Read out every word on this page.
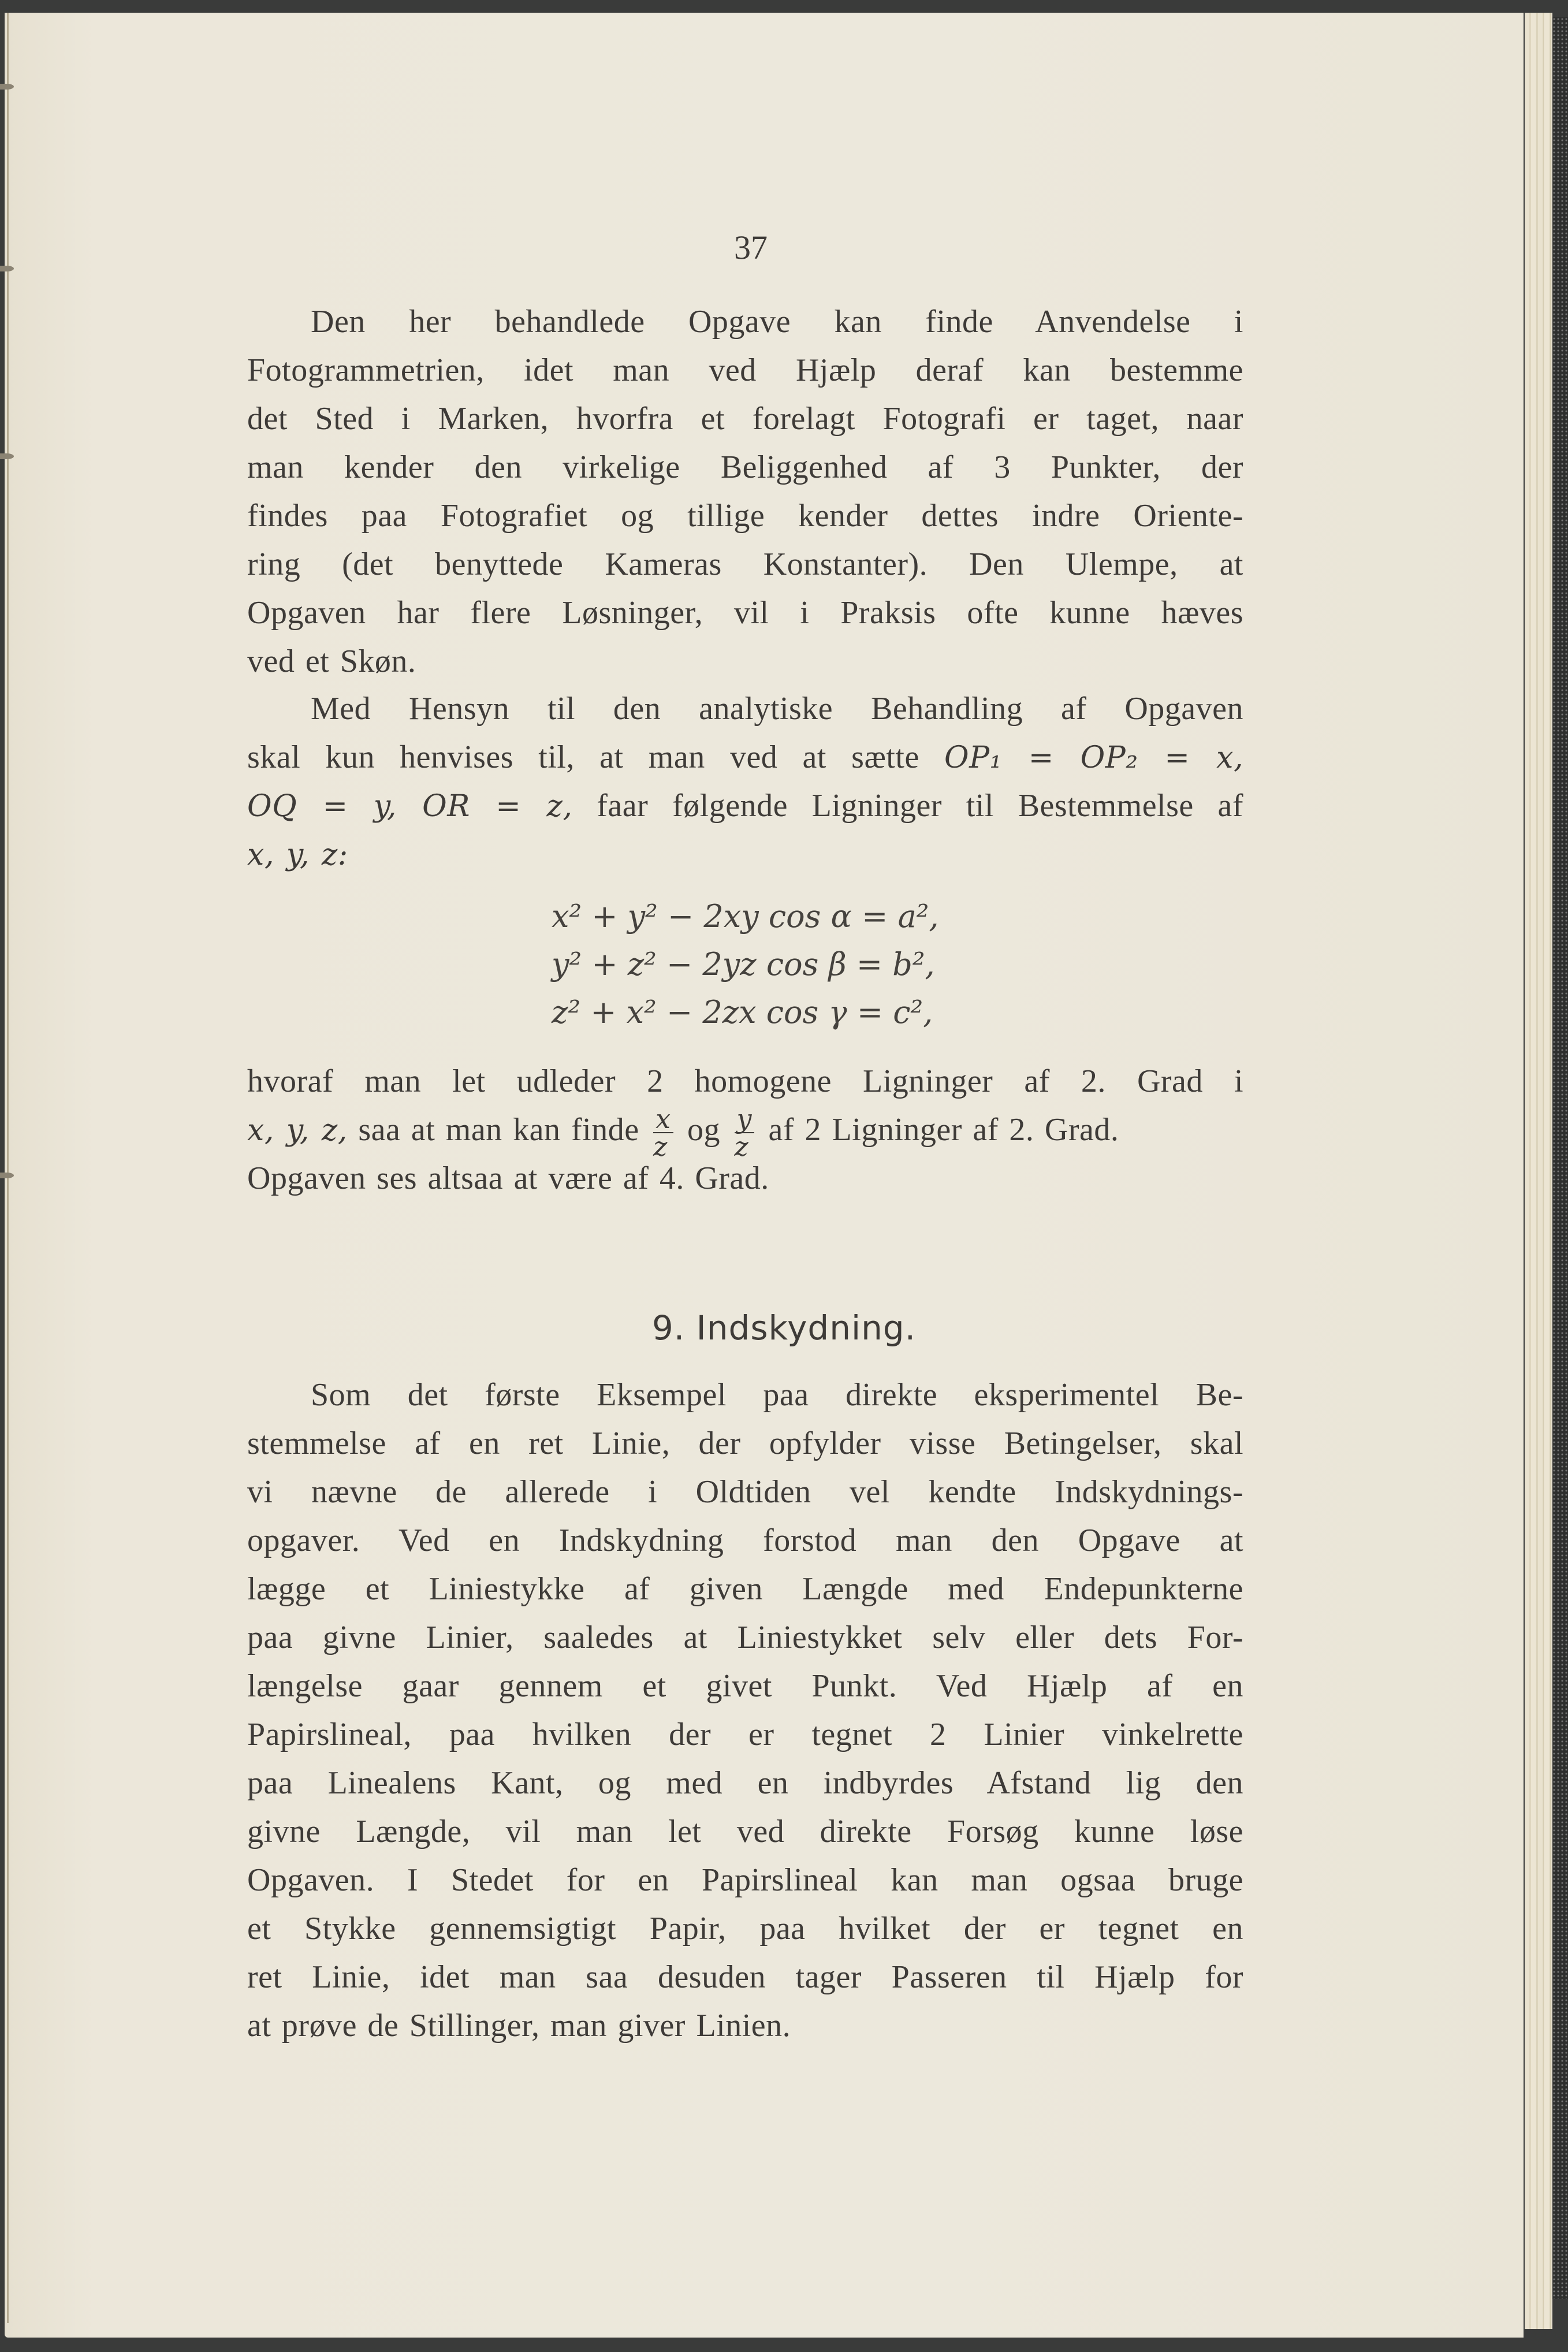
37
Den her behandlede Opgave kan finde Anvendelse i
Fotogrammetrien, idet man ved Hjælp deraf kan bestemme
det Sted i Marken, hvorfra et forelagt Fotografi er taget, naar
man kender den virkelige Beliggenhed af 3 Punkter, der
findes paa Fotografiet og tillige kender dettes indre Oriente-
ring (det benyttede Kameras Konstanter). Den Ulempe, at
Opgaven har flere Løsninger, vil i Praksis ofte kunne hæves
ved et Skøn.
Med Hensyn til den analytiske Behandling af Opgaven
skal kun henvises til, at man ved at sætte OP₁ = OP₂ = x,
OQ = y, OR = z, faar følgende Ligninger til Bestemmelse af
x, y, z:
x² + y² − 2xy cos α = a²,
y² + z² − 2yz cos β = b²,
z² + x² − 2zx cos γ = c²,
hvoraf man let udleder 2 homogene Ligninger af 2. Grad i
x, y, z, saa at man kan finde $\frac{x}{z}$ og $\frac{y}{z}$ af 2 Ligninger af 2. Grad.
Opgaven ses altsaa at være af 4. Grad.
9. Indskydning.
Som det første Eksempel paa direkte eksperimentel Be-
stemmelse af en ret Linie, der opfylder visse Betingelser, skal
vi nævne de allerede i Oldtiden vel kendte Indskydnings-
opgaver. Ved en Indskydning forstod man den Opgave at
lægge et Liniestykke af given Længde med Endepunkterne
paa givne Linier, saaledes at Liniestykket selv eller dets For-
længelse gaar gennem et givet Punkt. Ved Hjælp af en
Papirslineal, paa hvilken der er tegnet 2 Linier vinkelrette
paa Linealens Kant, og med en indbyrdes Afstand lig den
givne Længde, vil man let ved direkte Forsøg kunne løse
Opgaven. I Stedet for en Papirslineal kan man ogsaa bruge
et Stykke gennemsigtigt Papir, paa hvilket der er tegnet en
ret Linie, idet man saa desuden tager Passeren til Hjælp for
at prøve de Stillinger, man giver Linien.
